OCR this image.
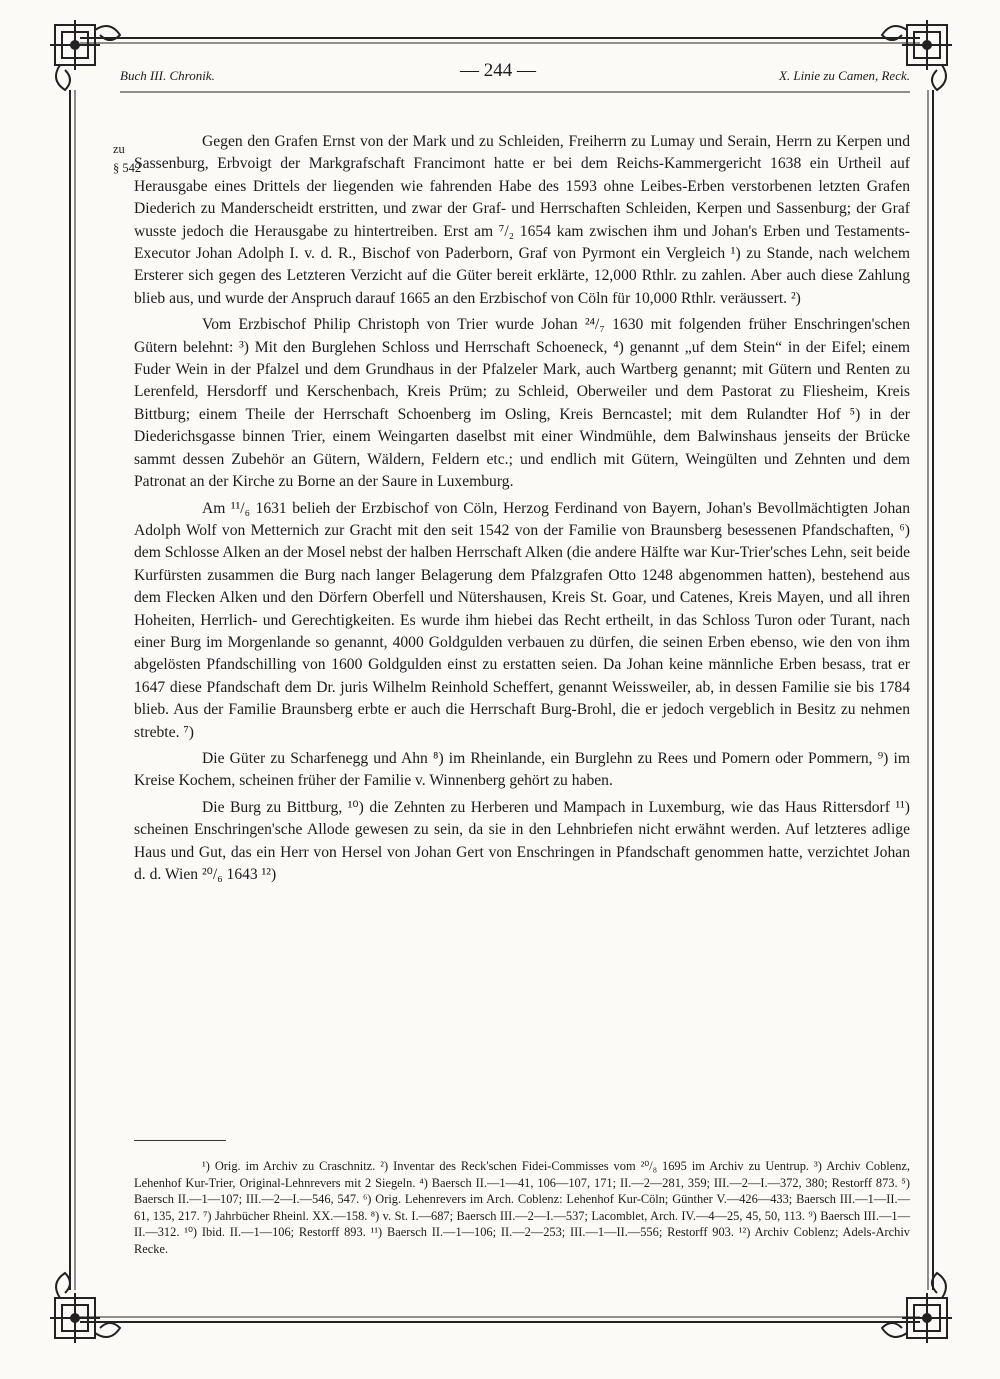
Buch III. Chronik.	— 244 —	X. Linie zu Camen, Reck.
zu
§ 542

Gegen den Grafen Ernst von der Mark und zu Schleiden, Freiherrn zu Lumay und Serain, Herrn zu Kerpen und Sassenburg, Erbvoigt der Markgrafschaft Francimont hatte er bei dem Reichs-Kammergericht 1638 ein Urtheil auf Herausgabe eines Drittels der liegenden wie fahrenden Habe des 1593 ohne Leibes-Erben verstorbenen letzten Grafen Diederich zu Manderscheidt erstritten, und zwar der Graf- und Herrschaften Schleiden, Kerpen und Sassenburg; der Graf wusste jedoch die Herausgabe zu hintertreiben. Erst am ⁷/₂ 1654 kam zwischen ihm und Johan's Erben und Testaments-Executor Johan Adolph I. v. d. R., Bischof von Paderborn, Graf von Pyrmont ein Vergleich ¹) zu Stande, nach welchem Ersterer sich gegen des Letzteren Verzicht auf die Güter bereit erklärte, 12,000 Rthlr. zu zahlen. Aber auch diese Zahlung blieb aus, und wurde der Anspruch darauf 1665 an den Erzbischof von Cöln für 10,000 Rthlr. veräussert. ²)

Vom Erzbischof Philip Christoph von Trier wurde Johan ²⁴/₇ 1630 mit folgenden früher Enschringen'schen Gütern belehnt: ³) Mit den Burglehen Schloss und Herrschaft Schoeneck, ⁴) genannt „uf dem Stein“ in der Eifel; einem Fuder Wein in der Pfalzel und dem Grundhaus in der Pfalzeler Mark, auch Wartberg genannt; mit Gütern und Renten zu Lerenfeld, Hersdorff und Kerschenbach, Kreis Prüm; zu Schleid, Oberweiler und dem Pastorat zu Fliesheim, Kreis Bittburg; einem Theile der Herrschaft Schoenberg im Osling, Kreis Berncastel; mit dem Rulandter Hof ⁵) in der Diederichsgasse binnen Trier, einem Weingarten daselbst mit einer Windmühle, dem Balwinshaus jenseits der Brücke sammt dessen Zubehör an Gütern, Wäldern, Feldern etc.; und endlich mit Gütern, Weingülten und Zehnten und dem Patronat an der Kirche zu Borne an der Saure in Luxemburg.

Am ¹¹/₆ 1631 belieh der Erzbischof von Cöln, Herzog Ferdinand von Bayern, Johan's Bevollmächtigten Johan Adolph Wolf von Metternich zur Gracht mit den seit 1542 von der Familie von Braunsberg besessenen Pfandschaften, ⁶) dem Schlosse Alken an der Mosel nebst der halben Herrschaft Alken (die andere Hälfte war Kur-Trier'sches Lehn, seit beide Kurfürsten zusammen die Burg nach langer Belagerung dem Pfalzgrafen Otto 1248 abgenommen hatten), bestehend aus dem Flecken Alken und den Dörfern Oberfell und Nütershausen, Kreis St. Goar, und Catenes, Kreis Mayen, und all ihren Hoheiten, Herrlich- und Gerechtigkeiten. Es wurde ihm hiebei das Recht ertheilt, in das Schloss Turon oder Turant, nach einer Burg im Morgenlande so genannt, 4000 Goldgulden verbauen zu dürfen, die seinen Erben ebenso, wie den von ihm abgelösten Pfandschilling von 1600 Goldgulden einst zu erstatten seien. Da Johan keine männliche Erben besass, trat er 1647 diese Pfandschaft dem Dr. juris Wilhelm Reinhold Scheffert, genannt Weissweiler, ab, in dessen Familie sie bis 1784 blieb. Aus der Familie Braunsberg erbte er auch die Herrschaft Burg-Brohl, die er jedoch vergeblich in Besitz zu nehmen strebte. ⁷)

Die Güter zu Scharfenegg und Ahn ⁸) im Rheinlande, ein Burglehn zu Rees und Pomern oder Pommern, ⁹) im Kreise Kochem, scheinen früher der Familie v. Winnenberg gehört zu haben.

Die Burg zu Bittburg, ¹⁰) die Zehnten zu Herberen und Mampach in Luxemburg, wie das Haus Rittersdorf ¹¹) scheinen Enschringen'sche Allode gewesen zu sein, da sie in den Lehnbriefen nicht erwähnt werden. Auf letzteres adlige Haus und Gut, das ein Herr von Hersel von Johan Gert von Enschringen in Pfandschaft genommen hatte, verzichtet Johan d. d. Wien ²⁰/₆ 1643 ¹²)

¹) Orig. im Archiv zu Craschnitz. ²) Inventar des Reck'schen Fidei-Commisses vom ²⁰/₈ 1695 im Archiv zu Uentrup. ³) Archiv Coblenz, Lehenhof Kur-Trier, Original-Lehnrevers mit 2 Siegeln. ⁴) Baersch II.—1—41, 106—107, 171; II.—2—281, 359; III.—2—I.—372, 380; Restorff 873. ⁵) Baersch II.—1—107; III.—2—I.—546, 547. ⁶) Orig. Lehenrevers im Arch. Coblenz: Lehenhof Kur-Cöln; Günther V.—426—433; Baersch III.—1—II.—61, 135, 217. ⁷) Jahrbücher Rheinl. XX.—158. ⁸) v. St. I.—687; Baersch III.—2—I.—537; Lacomblet, Arch. IV.—4—25, 45, 50, 113. ⁹) Baersch III.—1—II.—312. ¹⁰) Ibid. II.—1—106; Restorff 893. ¹¹) Baersch II.—1—106; II.—2—253; III.—1—II.—556; Restorff 903. ¹²) Archiv Coblenz; Adels-Archiv Recke.
